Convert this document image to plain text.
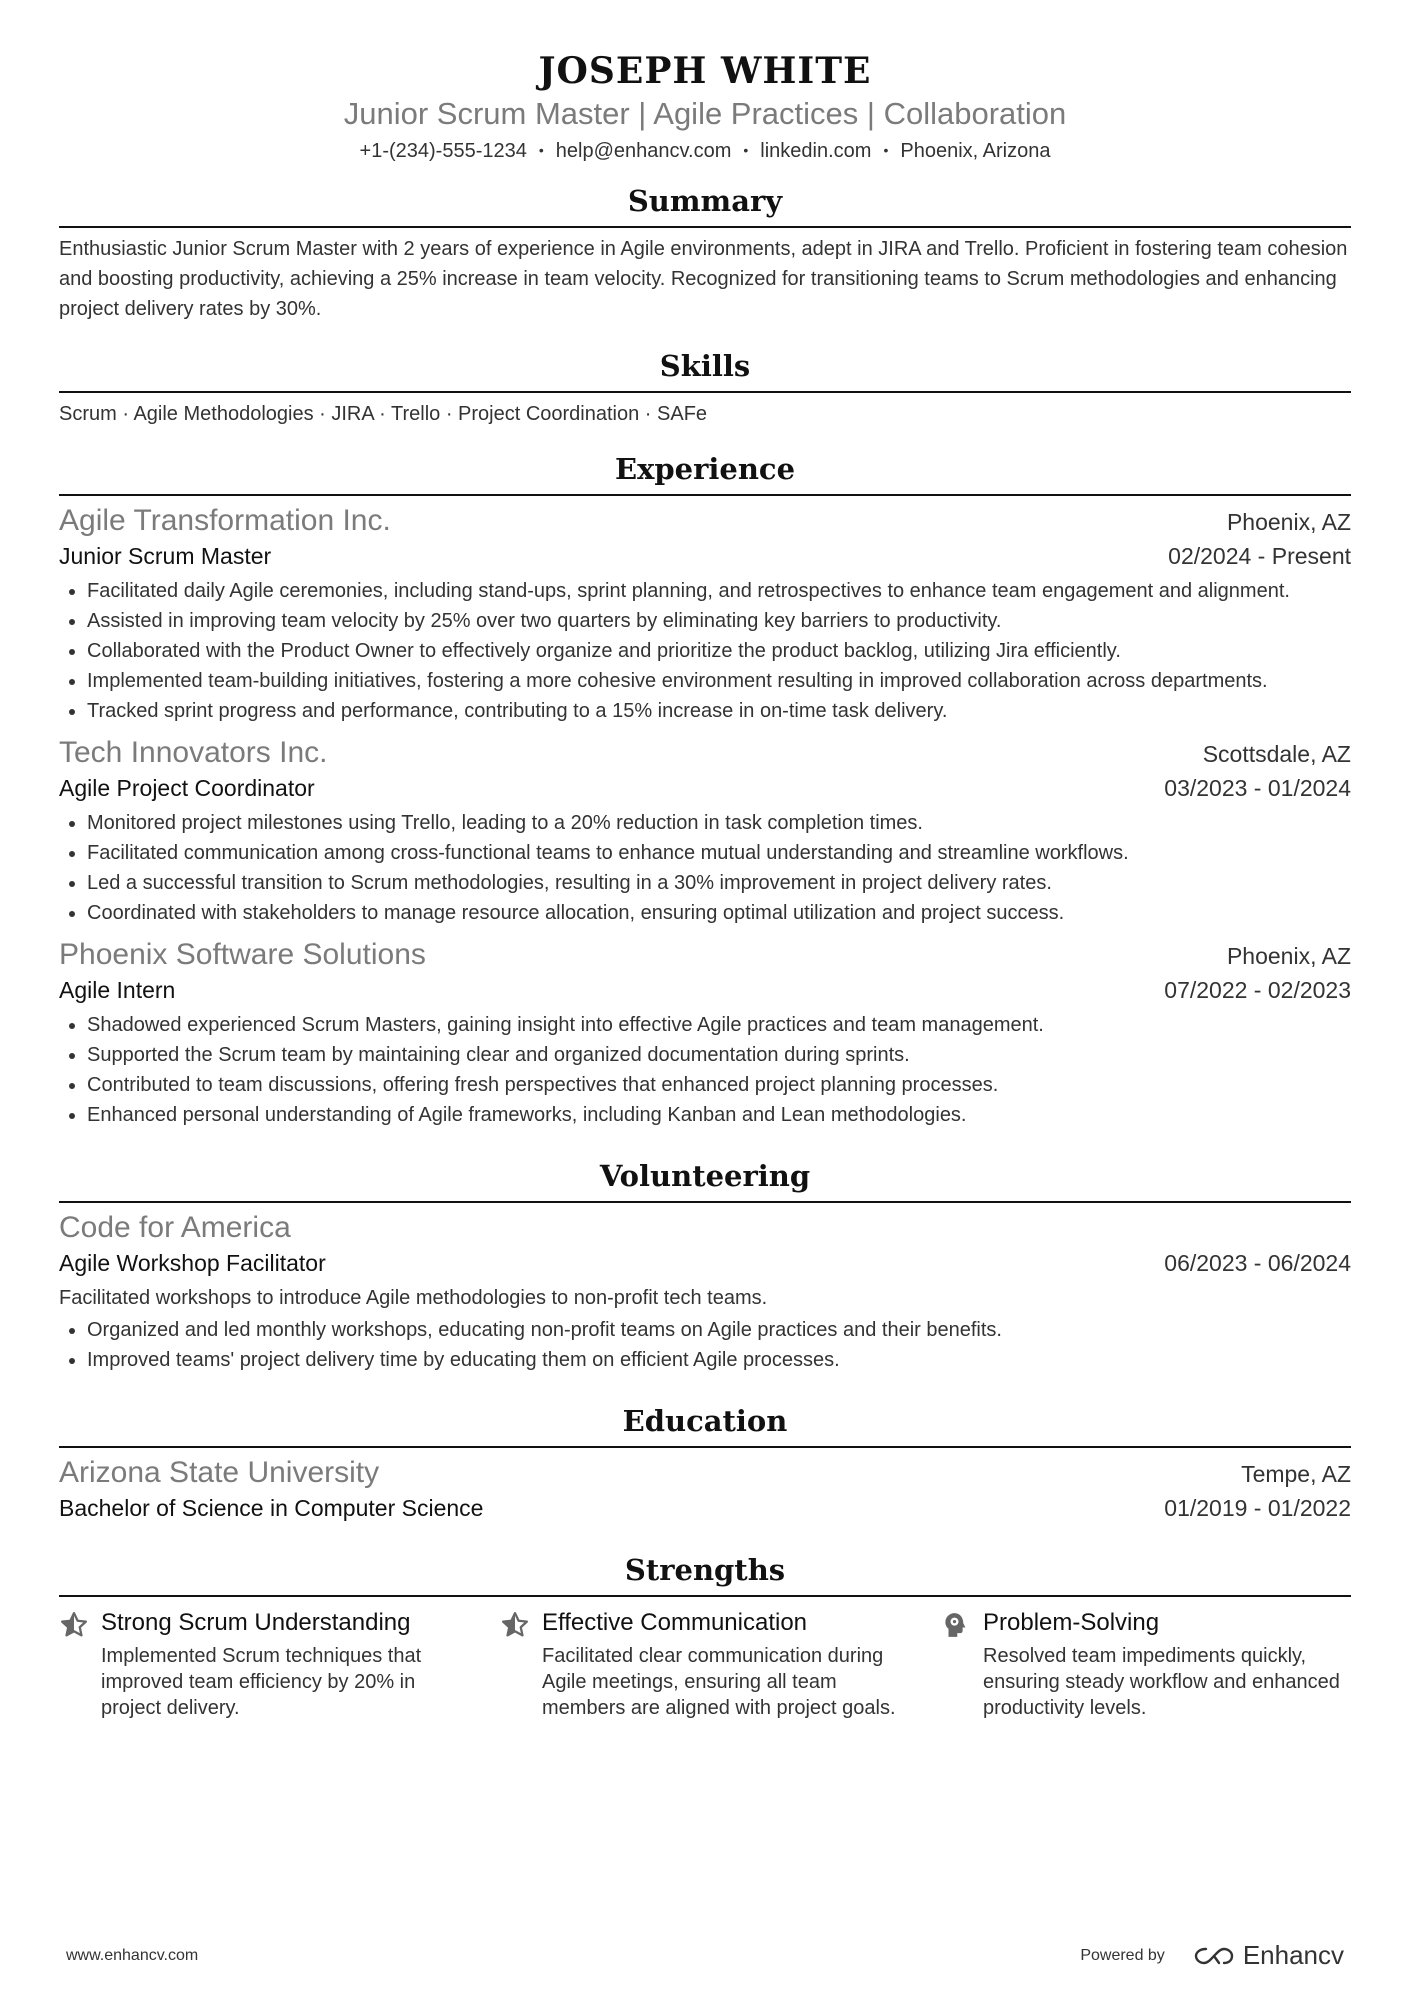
JOSEPH WHITE
Junior Scrum Master | Agile Practices | Collaboration
+1-(234)-555-1234 • help@enhancv.com • linkedin.com • Phoenix, Arizona
Summary

Enthusiastic Junior Scrum Master with 2 years of experience in Agile environments, adept in JIRA and Trello. Proficient in fostering team cohesion and boosting productivity, achieving a 25% increase in team velocity. Recognized for transitioning teams to Scrum methodologies and enhancing project delivery rates by 30%.

Skills

Scrum · Agile Methodologies · JIRA · Trello · Project Coordination · SAFe

Experience
Agile Transformation Inc.	Phoenix, AZ
Junior Scrum Master	02/2024 - Present
• Facilitated daily Agile ceremonies, including stand-ups, sprint planning, and retrospectives to enhance team engagement and alignment.
• Assisted in improving team velocity by 25% over two quarters by eliminating key barriers to productivity.
• Collaborated with the Product Owner to effectively organize and prioritize the product backlog, utilizing Jira efficiently.
• Implemented team-building initiatives, fostering a more cohesive environment resulting in improved collaboration across departments.
• Tracked sprint progress and performance, contributing to a 15% increase in on-time task delivery.
Tech Innovators Inc.	Scottsdale, AZ
Agile Project Coordinator	03/2023 - 01/2024
• Monitored project milestones using Trello, leading to a 20% reduction in task completion times.
• Facilitated communication among cross-functional teams to enhance mutual understanding and streamline workflows.
• Led a successful transition to Scrum methodologies, resulting in a 30% improvement in project delivery rates.
• Coordinated with stakeholders to manage resource allocation, ensuring optimal utilization and project success.
Phoenix Software Solutions	Phoenix, AZ
Agile Intern	07/2022 - 02/2023
• Shadowed experienced Scrum Masters, gaining insight into effective Agile practices and team management.
• Supported the Scrum team by maintaining clear and organized documentation during sprints.
• Contributed to team discussions, offering fresh perspectives that enhanced project planning processes.
• Enhanced personal understanding of Agile frameworks, including Kanban and Lean methodologies.
Volunteering
Code for America
Agile Workshop Facilitator	06/2023 - 06/2024

Facilitated workshops to introduce Agile methodologies to non-profit tech teams.

• Organized and led monthly workshops, educating non-profit teams on Agile practices and their benefits.
• Improved teams' project delivery time by educating them on efficient Agile processes.
Education
Arizona State University	Tempe, AZ
Bachelor of Science in Computer Science	01/2019 - 01/2022
Strengths
Strong Scrum Understanding
Implemented Scrum techniques that improved team efficiency by 20% in project delivery.
Effective Communication
Facilitated clear communication during Agile meetings, ensuring all team members are aligned with project goals.
Problem-Solving
Resolved team impediments quickly, ensuring steady workflow and enhanced productivity levels.
www.enhancv.com	Powered by	Enhancv
